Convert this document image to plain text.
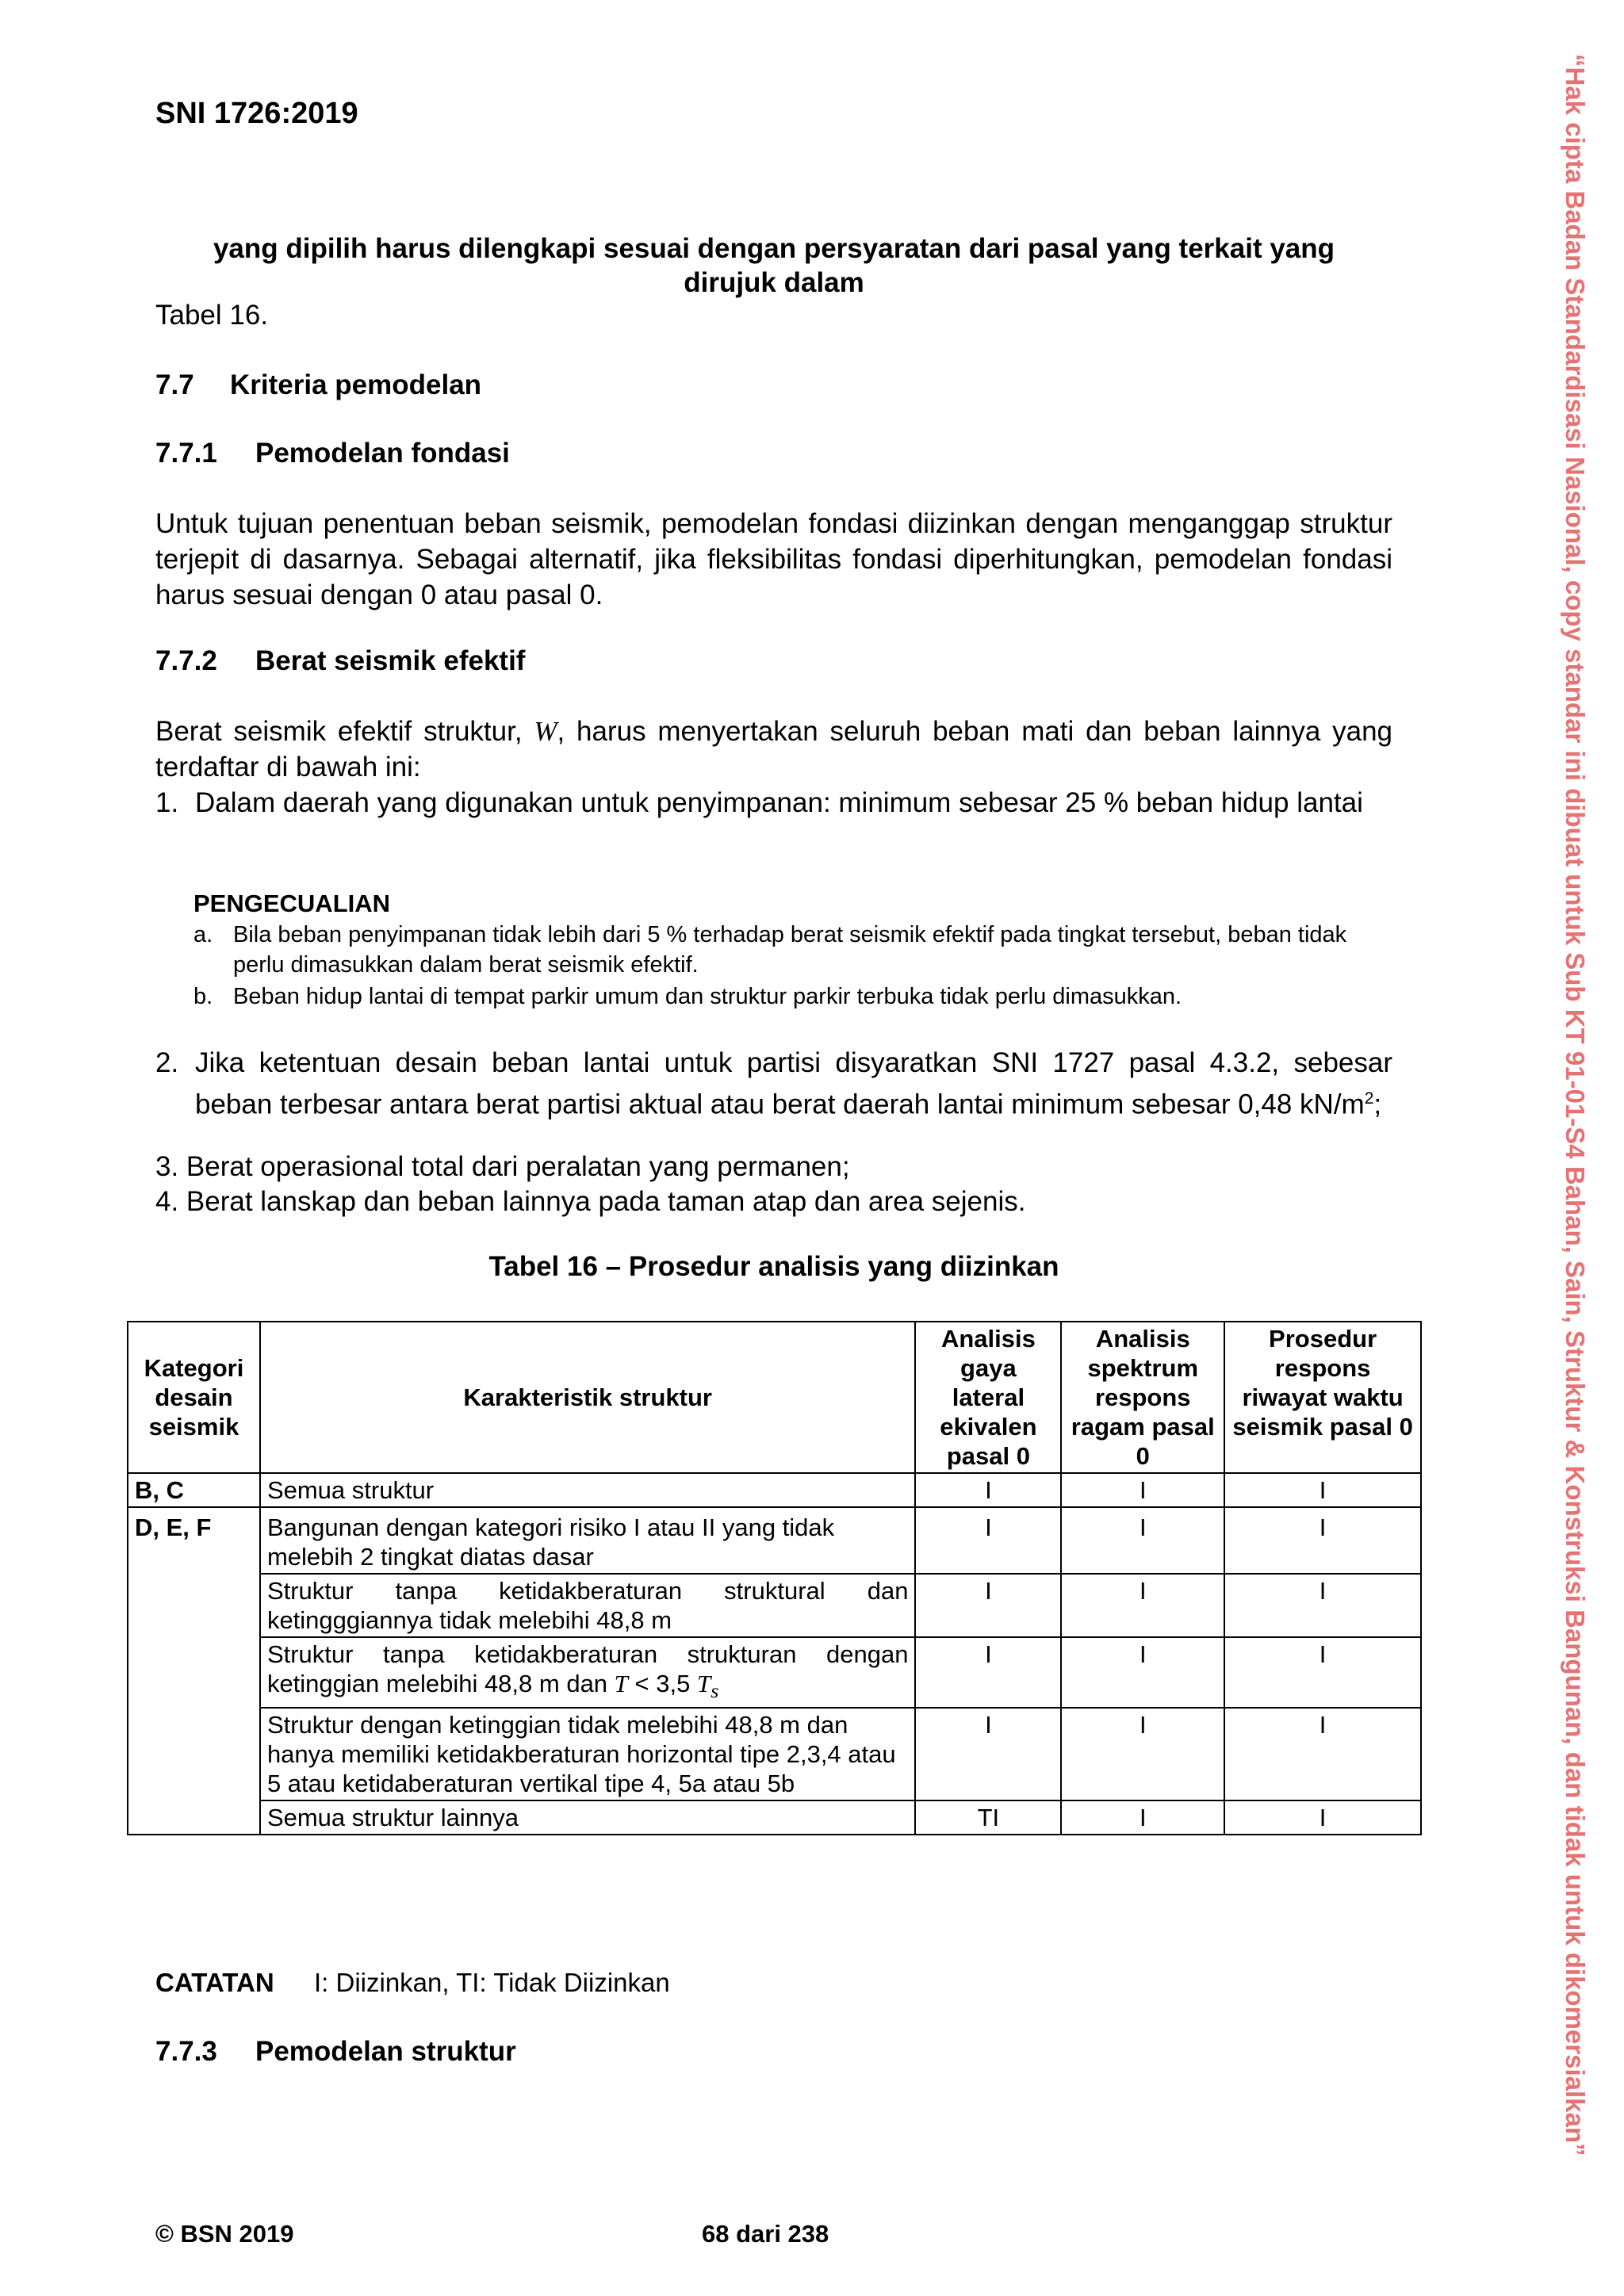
SNI 1726:2019
yang dipilih harus dilengkapi sesuai dengan persyaratan dari pasal yang terkait yang
dirujuk dalam
Tabel 16.
7.7 Kriteria pemodelan
7.7.1 Pemodelan fondasi
Untuk tujuan penentuan beban seismik, pemodelan fondasi diizinkan dengan menganggap struktur terjepit di dasarnya. Sebagai alternatif, jika fleksibilitas fondasi diperhitungkan, pemodelan fondasi harus sesuai dengan 0 atau pasal 0.
7.7.2 Berat seismik efektif
Berat seismik efektif struktur, W, harus menyertakan seluruh beban mati dan beban lainnya yang terdaftar di bawah ini:
1. Dalam daerah yang digunakan untuk penyimpanan: minimum sebesar 25 % beban hidup lantai
PENGECUALIAN
a. Bila beban penyimpanan tidak lebih dari 5 % terhadap berat seismik efektif pada tingkat tersebut, beban tidak perlu dimasukkan dalam berat seismik efektif.
b. Beban hidup lantai di tempat parkir umum dan struktur parkir terbuka tidak perlu dimasukkan.
2. Jika ketentuan desain beban lantai untuk partisi disyaratkan SNI 1727 pasal 4.3.2, sebesar beban terbesar antara berat partisi aktual atau berat daerah lantai minimum sebesar 0,48 $kN/m^2$;
3. Berat operasional total dari peralatan yang permanen;
4. Berat lanskap dan beban lainnya pada taman atap dan area sejenis.
Tabel 16 – Prosedur analisis yang diizinkan
Kategori desain seismik	Karakteristik struktur	Analisis gaya lateral ekivalen pasal 0	Analisis spektrum respons ragam pasal 0	Prosedur respons riwayat waktu seismik pasal 0
B, C	Semua struktur	I	I	I
D, E, F	Bangunan dengan kategori risiko I atau II yang tidak melebih 2 tingkat diatas dasar	I	I	I
	Struktur tanpa ketidakberaturan struktural dan ketingggiannya tidak melebihi 48,8 m	I	I	I
	Struktur tanpa ketidakberaturan strukturan dengan ketinggian melebihi 48,8 m dan T < 3,5 $T_s$	I	I	I
	Struktur dengan ketinggian tidak melebihi 48,8 m dan hanya memiliki ketidakberaturan horizontal tipe 2,3,4 atau 5 atau ketidaberaturan vertikal tipe 4, 5a atau 5b	I	I	I
	Semua struktur lainnya	TI	I	I
CATATAN I: Diizinkan, TI: Tidak Diizinkan
7.7.3 Pemodelan struktur
© BSN 2019	68 dari 238
“Hak cipta Badan Standardisasi Nasional, copy standar ini dibuat untuk Sub KT 91-01-S4 Bahan, Sain, Struktur & Konstruksi Bangunan, dan tidak untuk dikomersialkan”
